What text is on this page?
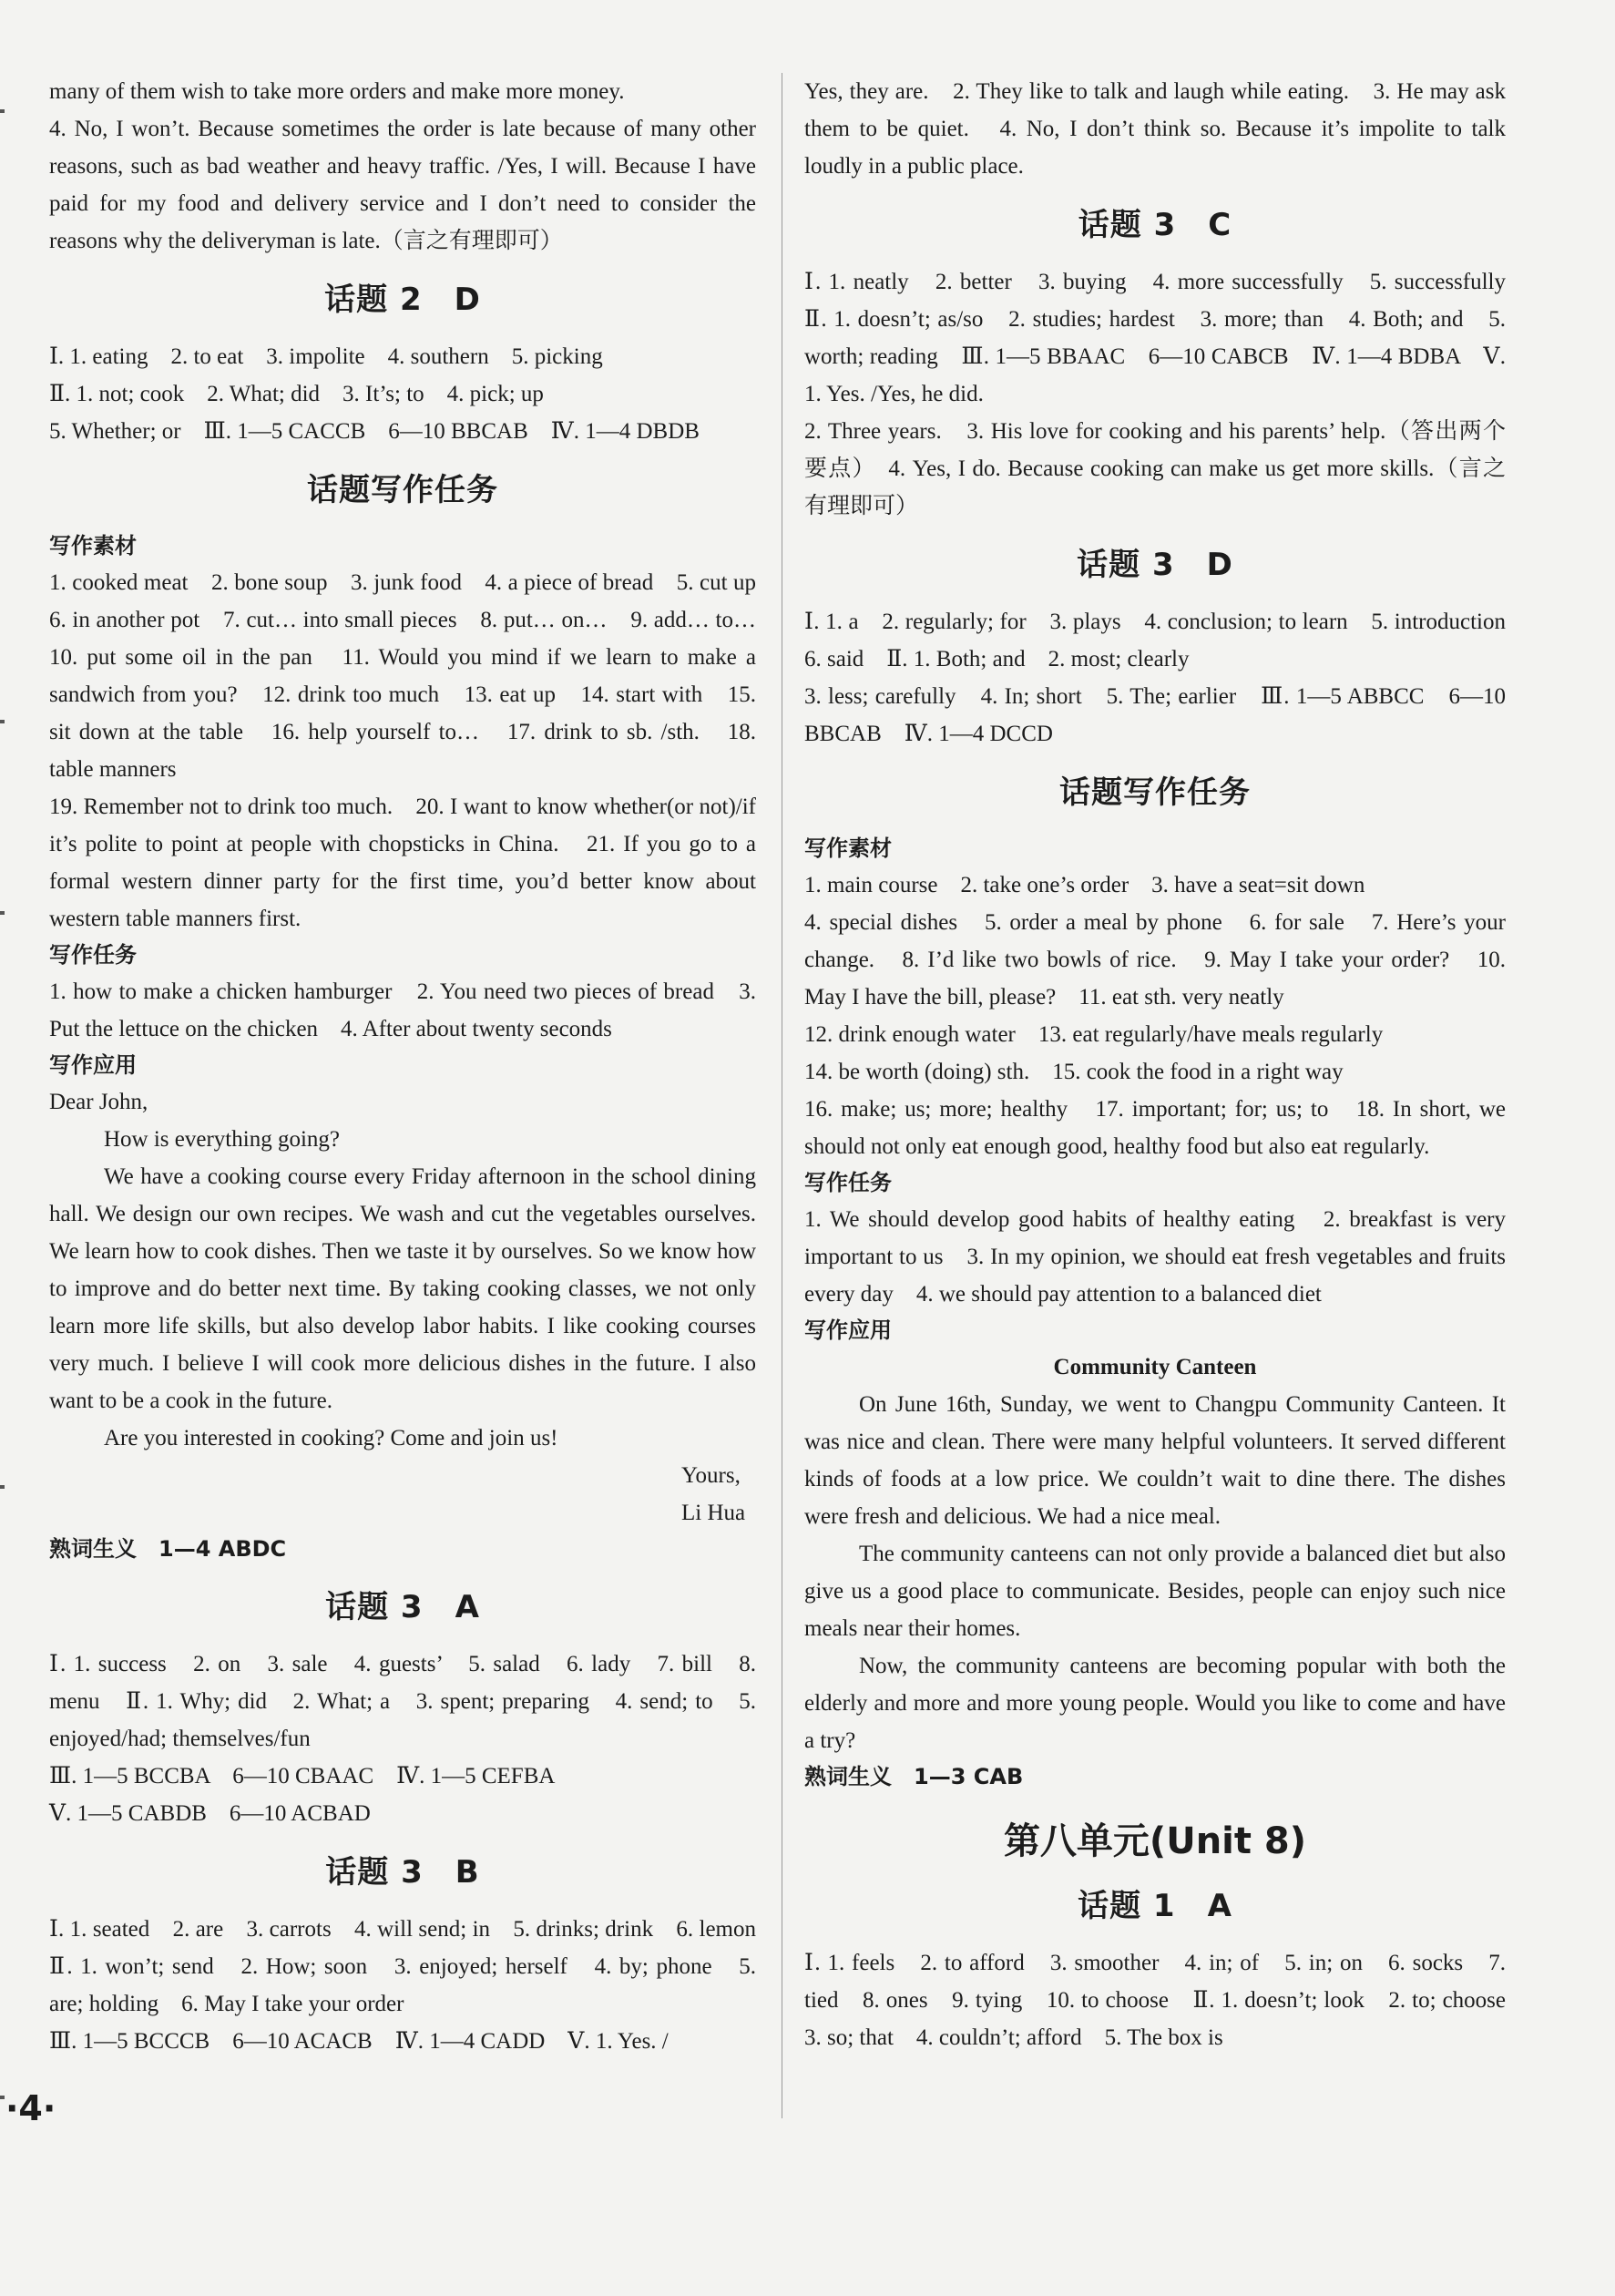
many of them wish to take more orders and make more money.

4. No, I won’t. Because sometimes the order is late because of many other reasons, such as bad weather and heavy traffic. /Yes, I will. Because I have paid for my food and delivery service and I don’t need to consider the reasons why the deliveryman is late.（言之有理即可）

话题 2　D

Ⅰ. 1. eating　2. to eat　3. impolite　4. southern　5. picking

Ⅱ. 1. not; cook　2. What; did　3. It’s; to　4. pick; up

5. Whether; or　Ⅲ. 1—5 CACCB　6—10 BBCAB　Ⅳ. 1—4 DBDB

话题写作任务
写作素材

1. cooked meat　2. bone soup　3. junk food　4. a piece of bread　5. cut up　6. in another pot　7. cut… into small pieces　8. put… on…　9. add… to…　10. put some oil in the pan　11. Would you mind if we learn to make a sandwich from you?　12. drink too much　13. eat up　14. start with　15. sit down at the table　16. help yourself to…　17. drink to sb. /sth.　18. table manners

19. Remember not to drink too much.　20. I want to know whether(or not)/if it’s polite to point at people with chopsticks in China.　21. If you go to a formal western dinner party for the first time, you’d better know about western table manners first.

写作任务

1. how to make a chicken hamburger　2. You need two pieces of bread　3. Put the lettuce on the chicken　4. After about twenty seconds

写作应用

Dear John,

How is everything going?

We have a cooking course every Friday afternoon in the school dining hall. We design our own recipes. We wash and cut the vegetables ourselves. We learn how to cook dishes. Then we taste it by ourselves. So we know how to improve and do better next time. By taking cooking classes, we not only learn more life skills, but also develop labor habits. I like cooking courses very much. I believe I will cook more delicious dishes in the future. I also want to be a cook in the future.

Are you interested in cooking? Come and join us!

Yours,

Li Hua

熟词生义　1—4 ABDC
话题 3　A

Ⅰ. 1. success　2. on　3. sale　4. guests’　5. salad　6. lady　7. bill　8. menu　Ⅱ. 1. Why; did　2. What; a　3. spent; preparing　4. send; to　5. enjoyed/had; themselves/fun

Ⅲ. 1—5 BCCBA　6—10 CBAAC　Ⅳ. 1—5 CEFBA

Ⅴ. 1—5 CABDB　6—10 ACBAD

话题 3　B

Ⅰ. 1. seated　2. are　3. carrots　4. will send; in　5. drinks; drink　6. lemon　Ⅱ. 1. won’t; send　2. How; soon　3. enjoyed; herself　4. by; phone　5. are; holding　6. May I take your order

Ⅲ. 1—5 BCCCB　6—10 ACACB　Ⅳ. 1—4 CADD　Ⅴ. 1. Yes. /

Yes, they are.　2. They like to talk and laugh while eating.　3. He may ask them to be quiet.　4. No, I don’t think so. Because it’s impolite to talk loudly in a public place.

话题 3　C

Ⅰ. 1. neatly　2. better　3. buying　4. more successfully　5. successfully　Ⅱ. 1. doesn’t; as/so　2. studies; hardest　3. more; than　4. Both; and　5. worth; reading　Ⅲ. 1—5 BBAAC　6—10 CABCB　Ⅳ. 1—4 BDBA　Ⅴ. 1. Yes. /Yes, he did.

2. Three years.　3. His love for cooking and his parents’ help.（答出两个要点）　4. Yes, I do. Because cooking can make us get more skills.（言之有理即可）

话题 3　D

Ⅰ. 1. a　2. regularly; for　3. plays　4. conclusion; to learn　5. introduction　6. said　Ⅱ. 1. Both; and　2. most; clearly

3. less; carefully　4. In; short　5. The; earlier　Ⅲ. 1—5 ABBCC　6—10 BBCAB　Ⅳ. 1—4 DCCD

话题写作任务
写作素材

1. main course　2. take one’s order　3. have a seat=sit down

4. special dishes　5. order a meal by phone　6. for sale　7. Here’s your change.　8. I’d like two bowls of rice.　9. May I take your order?　10. May I have the bill, please?　11. eat sth. very neatly

12. drink enough water　13. eat regularly/have meals regularly

14. be worth (doing) sth.　15. cook the food in a right way

16. make; us; more; healthy　17. important; for; us; to　18. In short, we should not only eat enough good, healthy food but also eat regularly.

写作任务

1. We should develop good habits of healthy eating　2. breakfast is very important to us　3. In my opinion, we should eat fresh vegetables and fruits every day　4. we should pay attention to a balanced diet

写作应用

Community Canteen

On June 16th, Sunday, we went to Changpu Community Canteen. It was nice and clean. There were many helpful volunteers. It served different kinds of foods at a low price. We couldn’t wait to dine there. The dishes were fresh and delicious. We had a nice meal.

The community canteens can not only provide a balanced diet but also give us a good place to communicate. Besides, people can enjoy such nice meals near their homes.

Now, the community canteens are becoming popular with both the elderly and more and more young people. Would you like to come and have a try?

熟词生义　1—3 CAB
第八单元(Unit 8)
话题 1　A

Ⅰ. 1. feels　2. to afford　3. smoother　4. in; of　5. in; on　6. socks　7. tied　8. ones　9. tying　10. to choose　Ⅱ. 1. doesn’t; look　2. to; choose　3. so; that　4. couldn’t; afford　5. The box is

·4·
